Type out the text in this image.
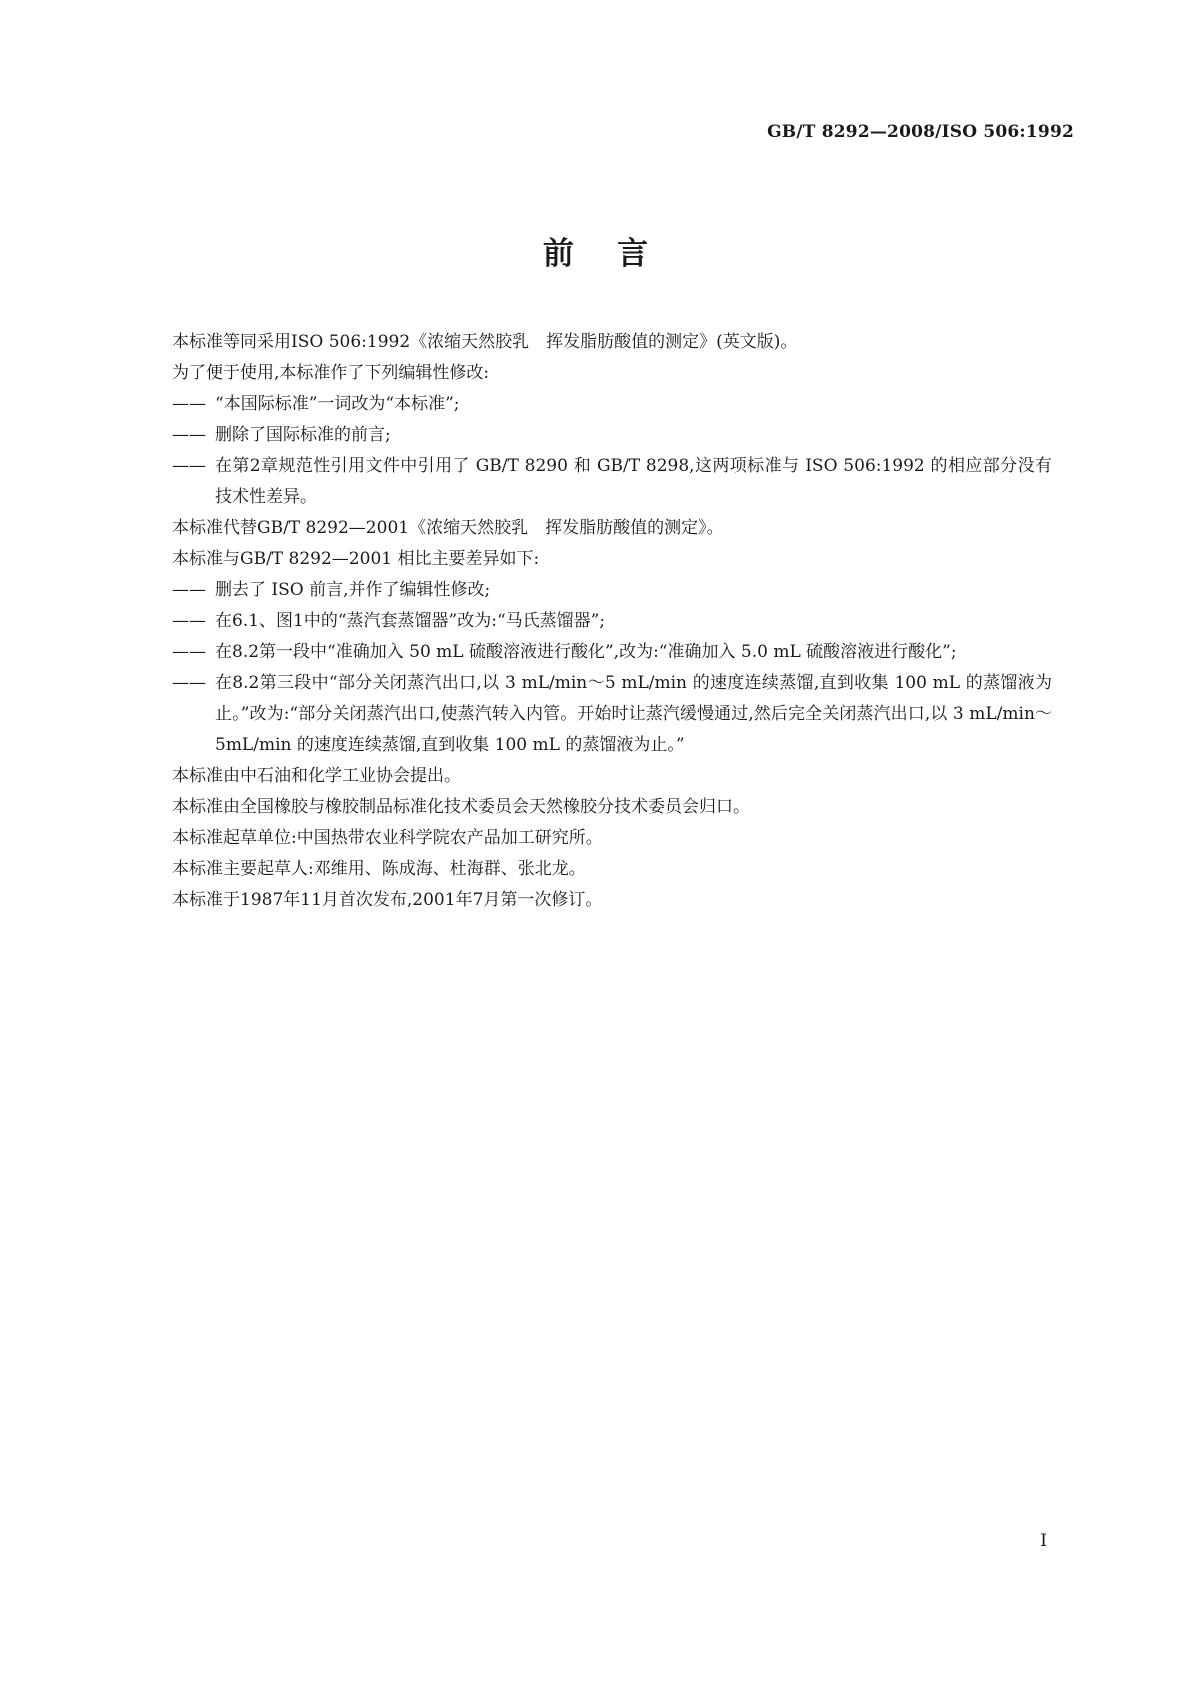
GB/T 8292—2008/ISO 506:1992
前    言
本标准等同采用ISO 506:1992《浓缩天然胶乳　挥发脂肪酸值的测定》(英文版)。
为了便于使用,本标准作了下列编辑性修改:
—— “本国际标准”一词改为“本标准”;
—— 删除了国际标准的前言;
—— 在第2章规范性引用文件中引用了 GB/T 8290 和 GB/T 8298,这两项标准与 ISO 506:1992 的相应部分没有技术性差异。
本标准代替GB/T 8292—2001《浓缩天然胶乳　挥发脂肪酸值的测定》。
本标准与GB/T 8292—2001 相比主要差异如下:
—— 删去了 ISO 前言,并作了编辑性修改;
—— 在6.1、图1中的“蒸汽套蒸馏器”改为:“马氏蒸馏器”;
—— 在8.2第一段中“准确加入 50 mL 硫酸溶液进行酸化”,改为:“准确加入 5.0 mL 硫酸溶液进行酸化”;
—— 在8.2第三段中“部分关闭蒸汽出口,以 3 mL/min～5 mL/min 的速度连续蒸馏,直到收集 100 mL 的蒸馏液为止。”改为:“部分关闭蒸汽出口,使蒸汽转入内管。开始时让蒸汽缓慢通过,然后完全关闭蒸汽出口,以 3 mL/min～5mL/min 的速度连续蒸馏,直到收集 100 mL 的蒸馏液为止。”
本标准由中石油和化学工业协会提出。
本标准由全国橡胶与橡胶制品标准化技术委员会天然橡胶分技术委员会归口。
本标准起草单位:中国热带农业科学院农产品加工研究所。
本标准主要起草人:邓维用、陈成海、杜海群、张北龙。
本标准于1987年11月首次发布,2001年7月第一次修订。
I
